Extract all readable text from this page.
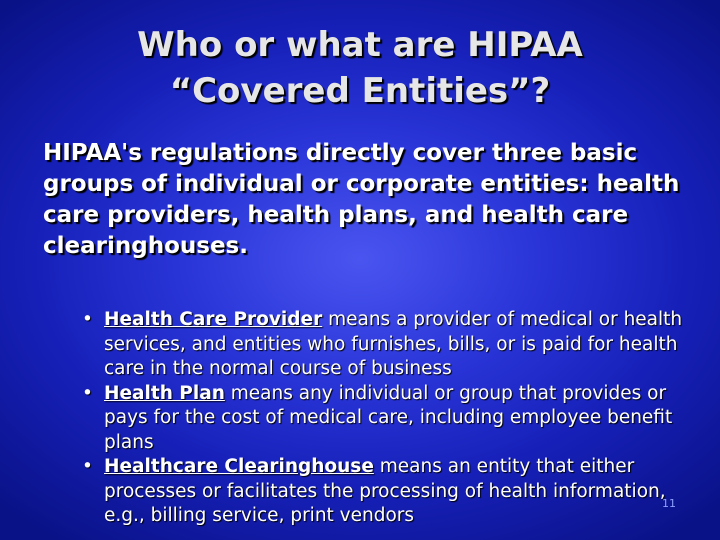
Who or what are HIPAA
“Covered Entities”?
HIPAA's regulations directly cover three basic groups of individual or corporate entities: health care providers, health plans, and health care clearinghouses.
• Health Care Provider means a provider of medical or health services, and entities who furnishes, bills, or is paid for health care in the normal course of business
• Health Plan means any individual or group that provides or pays for the cost of medical care, including employee benefit plans
• Healthcare Clearinghouse means an entity that either processes or facilitates the processing of health information, e.g., billing service, print vendors
11
